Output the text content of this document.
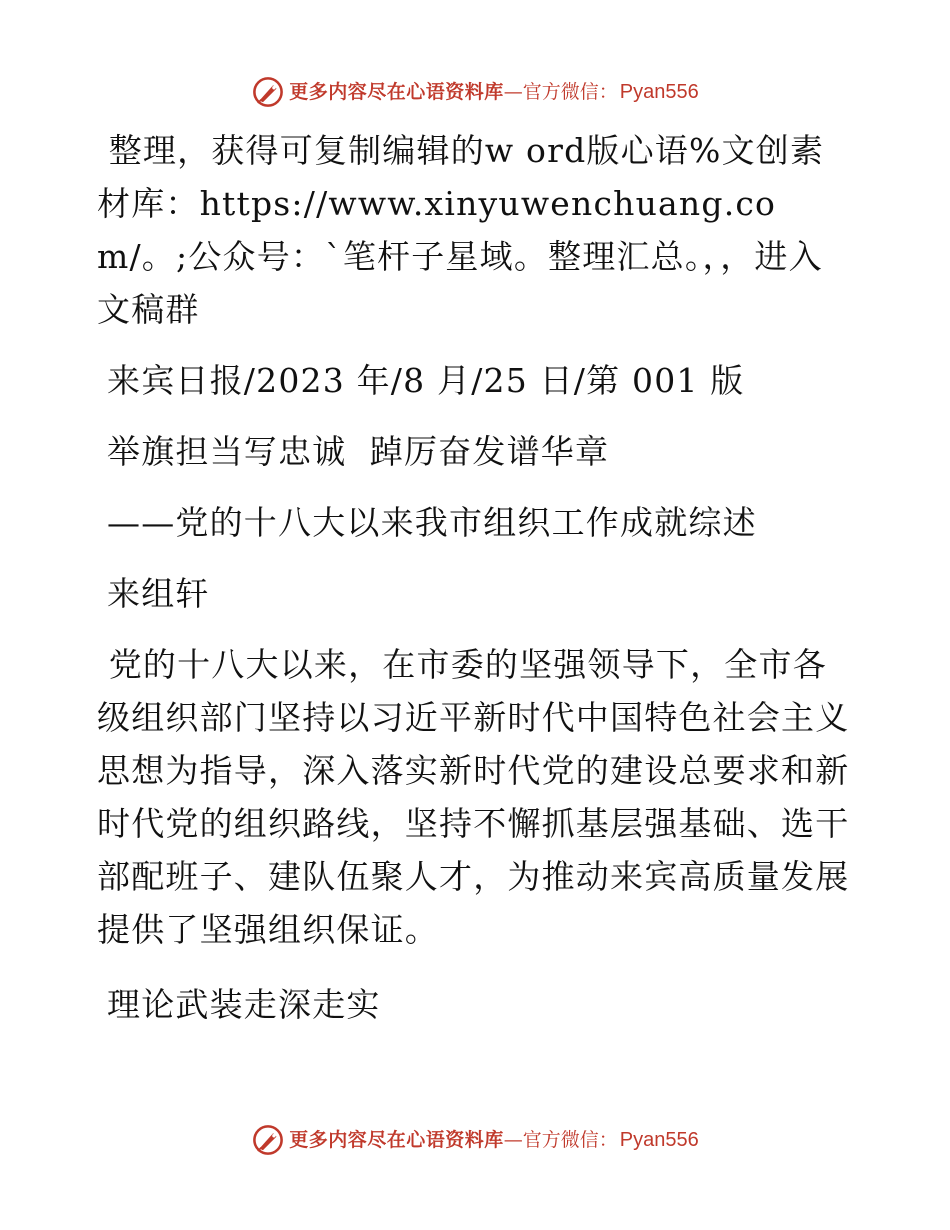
更多内容尽在心语资料库 —官方微信： Pyan556

整理，获得可复制编辑的w ord版心语%文创素材库：https://www.xinyuwenchuang.com/。;公众号：`笔杆子星域。整理汇总。，，进入文稿群

来宾日报/2023 年/8 月/25 日/第 001 版

举旗担当写忠诚  踔厉奋发谱华章

——党的十八大以来我市组织工作成就综述

来组轩

党的十八大以来，在市委的坚强领导下，全市各级组织部门坚持以习近平新时代中国特色社会主义思想为指导，深入落实新时代党的建设总要求和新时代党的组织路线，坚持不懈抓基层强基础、选干部配班子、建队伍聚人才，为推动来宾高质量发展提供了坚强组织保证。

理论武装走深走实

更多内容尽在心语资料库 —官方微信： Pyan556
